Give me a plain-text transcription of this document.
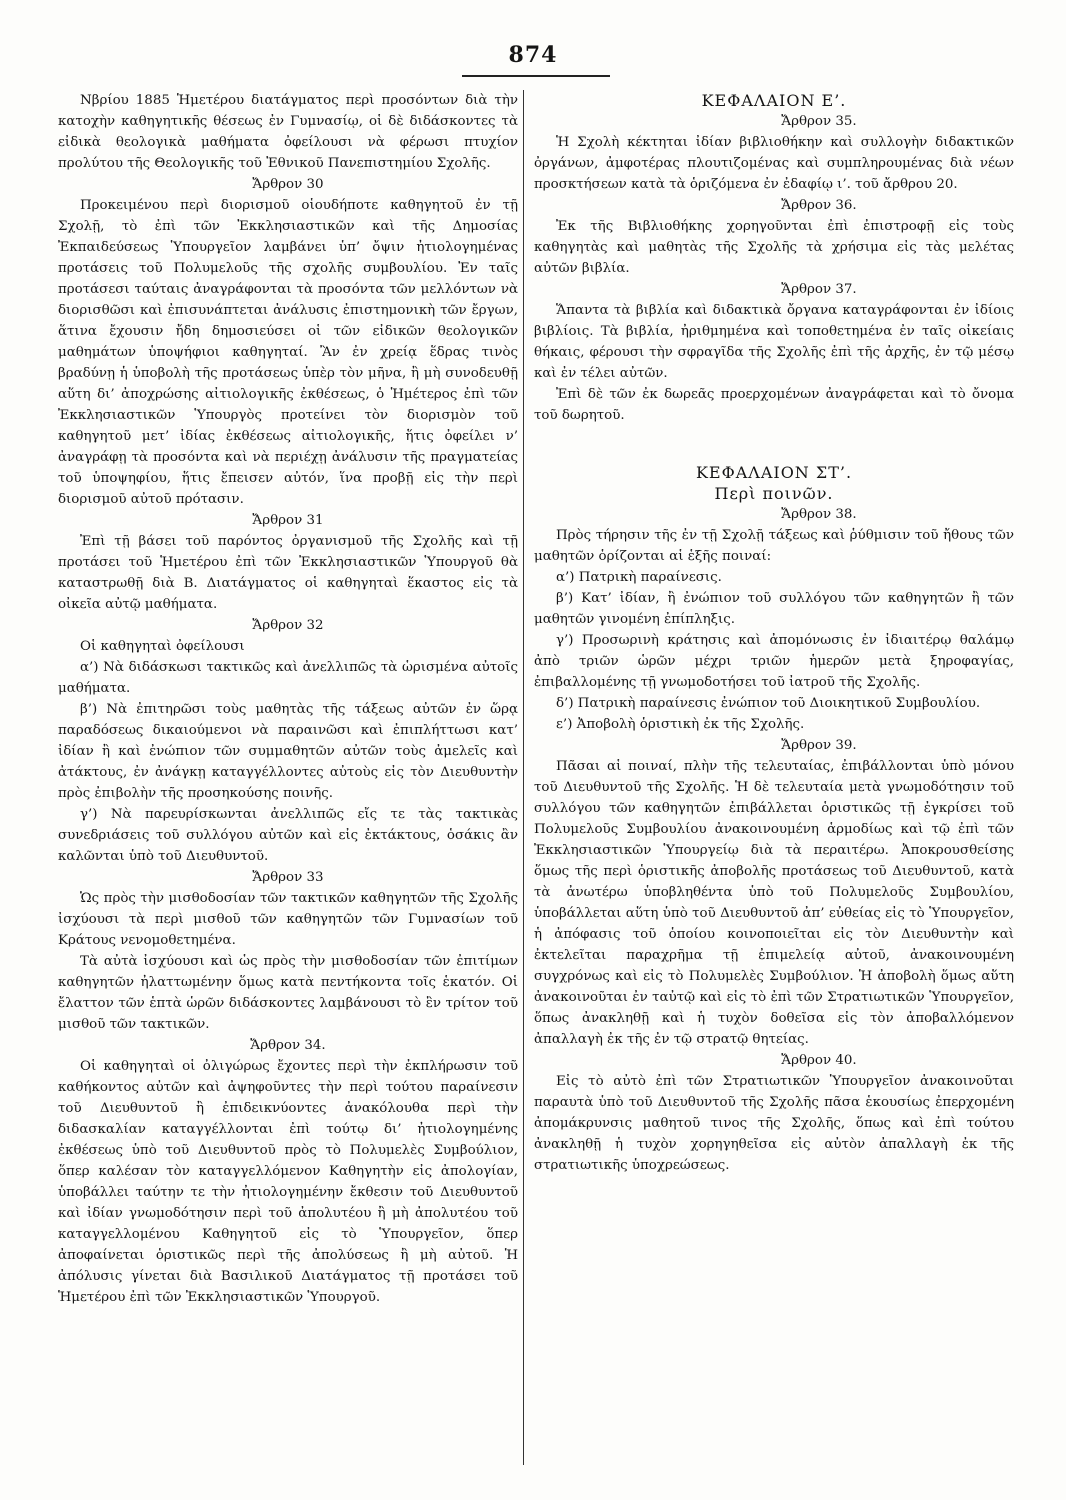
874

Νβρίου 1885 Ἡμετέρου διατάγματος περὶ προσόντων διὰ τὴν κατοχὴν καθηγητικῆς θέσεως ἐν Γυμνασίῳ, οἱ δὲ διδάσκοντες τὰ εἰδικὰ θεολογικὰ μαθήματα ὀφείλουσι νὰ φέρωσι πτυχίον προλύτου τῆς Θεολογικῆς τοῦ Ἐθνικοῦ Πανεπιστημίου Σχολῆς.

Ἄρθρον 30

Προκειμένου περὶ διορισμοῦ οἱουδήποτε καθηγητοῦ ἐν τῇ Σχολῇ, τὸ ἐπὶ τῶν Ἐκκλησιαστικῶν καὶ τῆς Δημοσίας Ἐκπαιδεύσεως Ὑπουργεῖον λαμβάνει ὑπ’ ὄψιν ἠτιολογημένας προτάσεις τοῦ Πολυμελοῦς τῆς σχολῆς συμβουλίου. Ἐν ταῖς προτάσεσι ταύταις ἀναγράφονται τὰ προσόντα τῶν μελλόντων νὰ διορισθῶσι καὶ ἐπισυνάπτεται ἀνάλυσις ἐπιστημονικὴ τῶν ἔργων, ἅτινα ἔχουσιν ἤδη δημοσιεύσει οἱ τῶν εἰδικῶν θεολογικῶν μαθημάτων ὑποψήφιοι καθηγηταί. Ἂν ἐν χρείᾳ ἕδρας τινὸς βραδύνῃ ἡ ὑποβολὴ τῆς προτάσεως ὑπὲρ τὸν μῆνα, ἢ μὴ συνοδευθῇ αὕτη δι’ ἀποχρώσης αἰτιολογικῆς ἐκθέσεως, ὁ Ἡμέτερος ἐπὶ τῶν Ἐκκλησιαστικῶν Ὑπουργὸς προτείνει τὸν διορισμὸν τοῦ καθηγητοῦ μετ’ ἰδίας ἐκθέσεως αἰτιολογικῆς, ἥτις ὀφείλει ν’ ἀναγράφῃ τὰ προσόντα καὶ νὰ περιέχῃ ἀνάλυσιν τῆς πραγματείας τοῦ ὑποψηφίου, ἥτις ἔπεισεν αὐτόν, ἵνα προβῇ εἰς τὴν περὶ διορισμοῦ αὐτοῦ πρότασιν.

Ἄρθρον 31

Ἐπὶ τῇ βάσει τοῦ παρόντος ὀργανισμοῦ τῆς Σχολῆς καὶ τῇ προτάσει τοῦ Ἡμετέρου ἐπὶ τῶν Ἐκκλησιαστικῶν Ὑπουργοῦ θὰ καταστρωθῇ διὰ Β. Διατάγματος οἱ καθηγηταὶ ἕκαστος εἰς τὰ οἰκεῖα αὐτῷ μαθήματα.

Ἄρθρον 32

Οἱ καθηγηταὶ ὀφείλουσι

α’) Νὰ διδάσκωσι τακτικῶς καὶ ἀνελλιπῶς τὰ ὡρισμένα αὐτοῖς μαθήματα.

β’) Νὰ ἐπιτηρῶσι τοὺς μαθητὰς τῆς τάξεως αὐτῶν ἐν ὥρᾳ παραδόσεως δικαιούμενοι νὰ παραινῶσι καὶ ἐπιπλήττωσι κατ’ ἰδίαν ἢ καὶ ἐνώπιον τῶν συμμαθητῶν αὐτῶν τοὺς ἀμελεῖς καὶ ἀτάκτους, ἐν ἀνάγκῃ καταγγέλλοντες αὐτοὺς εἰς τὸν Διευθυντὴν πρὸς ἐπιβολὴν τῆς προσηκούσης ποινῆς.

γ’) Νὰ παρευρίσκωνται ἀνελλιπῶς εἴς τε τὰς τακτικὰς συνεδριάσεις τοῦ συλλόγου αὐτῶν καὶ εἰς ἐκτάκτους, ὁσάκις ἂν καλῶνται ὑπὸ τοῦ Διευθυντοῦ.

Ἄρθρον 33

Ὡς πρὸς τὴν μισθοδοσίαν τῶν τακτικῶν καθηγητῶν τῆς Σχολῆς ἰσχύουσι τὰ περὶ μισθοῦ τῶν καθηγητῶν τῶν Γυμνασίων τοῦ Κράτους νενομοθετημένα.

Τὰ αὐτὰ ἰσχύουσι καὶ ὡς πρὸς τὴν μισθοδοσίαν τῶν ἐπιτίμων καθηγητῶν ἠλαττωμένην ὅμως κατὰ πεντήκοντα τοῖς ἑκατόν. Οἱ ἔλαττον τῶν ἑπτὰ ὡρῶν διδάσκοντες λαμβάνουσι τὸ ἓν τρίτον τοῦ μισθοῦ τῶν τακτικῶν.

Ἄρθρον 34.

Οἱ καθηγηταὶ οἱ ὀλιγώρως ἔχοντες περὶ τὴν ἐκπλήρωσιν τοῦ καθήκοντος αὐτῶν καὶ ἀψηφοῦντες τὴν περὶ τούτου παραίνεσιν τοῦ Διευθυντοῦ ἢ ἐπιδεικνύοντες ἀνακόλουθα περὶ τὴν διδασκαλίαν καταγγέλλονται ἐπὶ τούτῳ δι’ ἠτιολογημένης ἐκθέσεως ὑπὸ τοῦ Διευθυντοῦ πρὸς τὸ Πολυμελὲς Συμβούλιον, ὅπερ καλέσαν τὸν καταγγελλόμενον Καθηγητὴν εἰς ἀπολογίαν, ὑποβάλλει ταύτην τε τὴν ἠτιολογημένην ἔκθεσιν τοῦ Διευθυντοῦ καὶ ἰδίαν γνωμοδότησιν περὶ τοῦ ἀπολυτέου ἢ μὴ ἀπολυτέου τοῦ καταγγελλομένου Καθηγητοῦ εἰς τὸ Ὑπουργεῖον, ὅπερ ἀποφαίνεται ὁριστικῶς περὶ τῆς ἀπολύσεως ἢ μὴ αὐτοῦ. Ἡ ἀπόλυσις γίνεται διὰ Βασιλικοῦ Διατάγματος τῇ προτάσει τοῦ Ἡμετέρου ἐπὶ τῶν Ἐκκλησιαστικῶν Ὑπουργοῦ.

ΚΕΦΑΛΑΙΟΝ Ε’.

Ἄρθρον 35.

Ἡ Σχολὴ κέκτηται ἰδίαν βιβλιοθήκην καὶ συλλογὴν διδακτικῶν ὀργάνων, ἀμφοτέρας πλουτιζομένας καὶ συμπληρουμένας διὰ νέων προσκτήσεων κατὰ τὰ ὁριζόμενα ἐν ἐδαφίῳ ι’. τοῦ ἄρθρου 20.

Ἄρθρον 36.

Ἐκ τῆς Βιβλιοθήκης χορηγοῦνται ἐπὶ ἐπιστροφῇ εἰς τοὺς καθηγητὰς καὶ μαθητὰς τῆς Σχολῆς τὰ χρήσιμα εἰς τὰς μελέτας αὐτῶν βιβλία.

Ἄρθρον 37.

Ἅπαντα τὰ βιβλία καὶ διδακτικὰ ὄργανα καταγράφονται ἐν ἰδίοις βιβλίοις. Τὰ βιβλία, ἠριθμημένα καὶ τοποθετημένα ἐν ταῖς οἰκείαις θήκαις, φέρουσι τὴν σφραγῖδα τῆς Σχολῆς ἐπὶ τῆς ἀρχῆς, ἐν τῷ μέσῳ καὶ ἐν τέλει αὐτῶν.

Ἐπὶ δὲ τῶν ἐκ δωρεᾶς προερχομένων ἀναγράφεται καὶ τὸ ὄνομα τοῦ δωρητοῦ.

ΚΕΦΑΛΑΙΟΝ ΣΤ’.

Περὶ ποινῶν.

Ἄρθρον 38.

Πρὸς τήρησιν τῆς ἐν τῇ Σχολῇ τάξεως καὶ ῥύθμισιν τοῦ ἤθους τῶν μαθητῶν ὁρίζονται αἱ ἑξῆς ποιναί:

α’) Πατρικὴ παραίνεσις.

β’) Κατ’ ἰδίαν, ἢ ἐνώπιον τοῦ συλλόγου τῶν καθηγητῶν ἢ τῶν μαθητῶν γινομένη ἐπίπληξις.

γ’) Προσωρινὴ κράτησις καὶ ἀπομόνωσις ἐν ἰδιαιτέρῳ θαλάμῳ ἀπὸ τριῶν ὡρῶν μέχρι τριῶν ἡμερῶν μετὰ ξηροφαγίας, ἐπιβαλλομένης τῇ γνωμοδοτήσει τοῦ ἰατροῦ τῆς Σχολῆς.

δ’) Πατρικὴ παραίνεσις ἐνώπιον τοῦ Διοικητικοῦ Συμβουλίου.

ε’) Ἀποβολὴ ὁριστικὴ ἐκ τῆς Σχολῆς.

Ἄρθρον 39.

Πᾶσαι αἱ ποιναί, πλὴν τῆς τελευταίας, ἐπιβάλλονται ὑπὸ μόνου τοῦ Διευθυντοῦ τῆς Σχολῆς. Ἡ δὲ τελευταία μετὰ γνωμοδότησιν τοῦ συλλόγου τῶν καθηγητῶν ἐπιβάλλεται ὁριστικῶς τῇ ἐγκρίσει τοῦ Πολυμελοῦς Συμβουλίου ἀνακοινουμένη ἁρμοδίως καὶ τῷ ἐπὶ τῶν Ἐκκλησιαστικῶν Ὑπουργείῳ διὰ τὰ περαιτέρω. Ἀποκρουσθείσης ὅμως τῆς περὶ ὁριστικῆς ἀποβολῆς προτάσεως τοῦ Διευθυντοῦ, κατὰ τὰ ἀνωτέρω ὑποβληθέντα ὑπὸ τοῦ Πολυμελοῦς Συμβουλίου, ὑποβάλλεται αὕτη ὑπὸ τοῦ Διευθυντοῦ ἀπ’ εὐθείας εἰς τὸ Ὑπουργεῖον, ἡ ἀπόφασις τοῦ ὁποίου κοινοποιεῖται εἰς τὸν Διευθυντὴν καὶ ἐκτελεῖται παραχρῆμα τῇ ἐπιμελείᾳ αὐτοῦ, ἀνακοινουμένη συγχρόνως καὶ εἰς τὸ Πολυμελὲς Συμβούλιον. Ἡ ἀποβολὴ ὅμως αὕτη ἀνακοινοῦται ἐν ταὐτῷ καὶ εἰς τὸ ἐπὶ τῶν Στρατιωτικῶν Ὑπουργεῖον, ὅπως ἀνακληθῇ καὶ ἡ τυχὸν δοθεῖσα εἰς τὸν ἀποβαλλόμενον ἀπαλλαγὴ ἐκ τῆς ἐν τῷ στρατῷ θητείας.

Ἄρθρον 40.

Εἰς τὸ αὐτὸ ἐπὶ τῶν Στρατιωτικῶν Ὑπουργεῖον ἀνακοινοῦται παραυτὰ ὑπὸ τοῦ Διευθυντοῦ τῆς Σχολῆς πᾶσα ἑκουσίως ἐπερχομένη ἀπομάκρυνσις μαθητοῦ τινος τῆς Σχολῆς, ὅπως καὶ ἐπὶ τούτου ἀνακληθῇ ἡ τυχὸν χορηγηθεῖσα εἰς αὐτὸν ἀπαλλαγὴ ἐκ τῆς στρατιωτικῆς ὑποχρεώσεως.
